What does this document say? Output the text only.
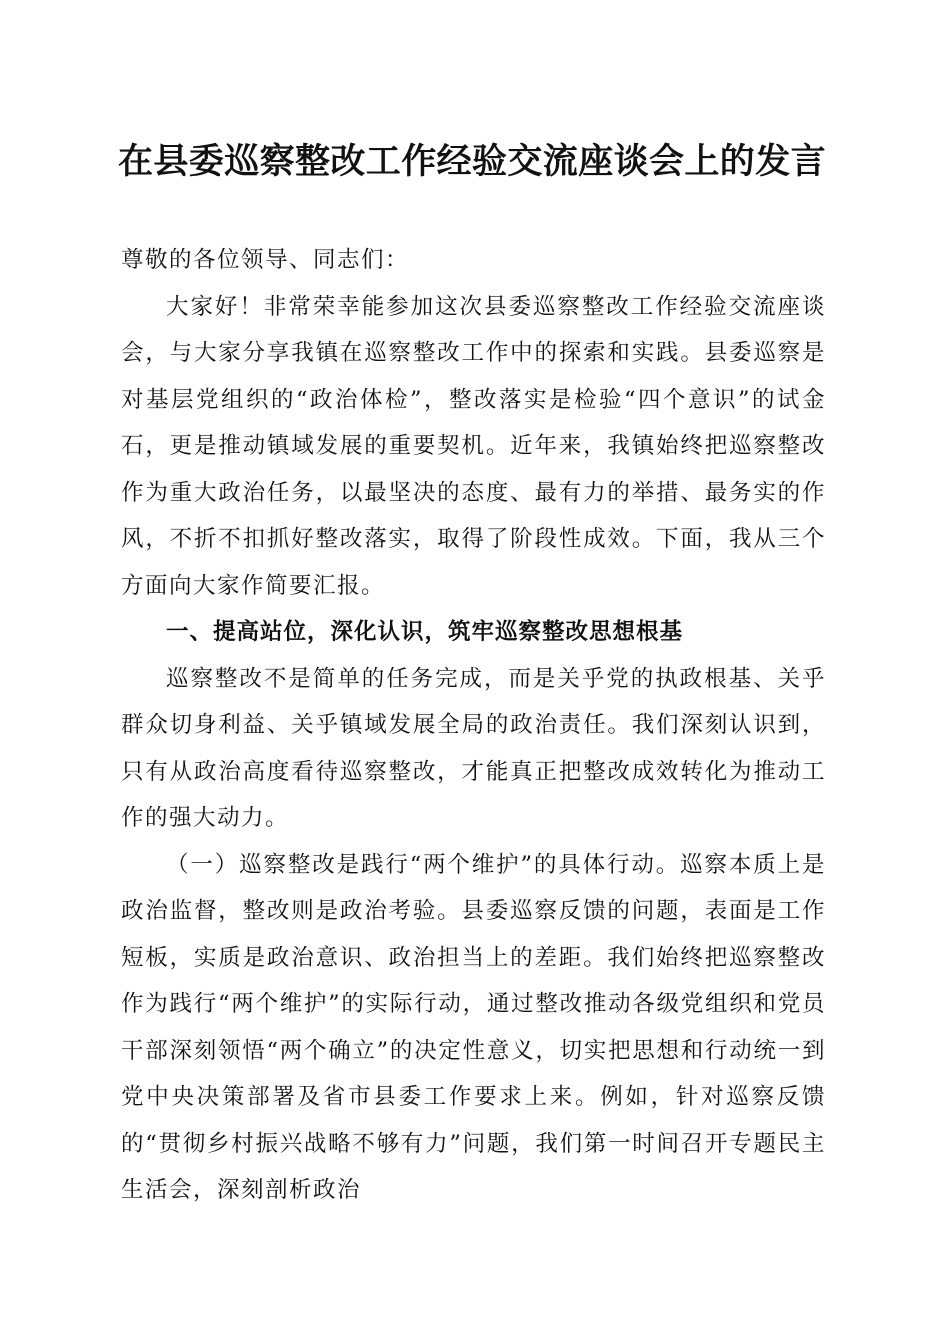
在县委巡察整改工作经验交流座谈会上的发言

尊敬的各位领导、同志们：

大家好！非常荣幸能参加这次县委巡察整改工作经验交流座谈会，与大家分享我镇在巡察整改工作中的探索和实践。县委巡察是对基层党组织的“政治体检”，整改落实是检验“四个意识”的试金石，更是推动镇域发展的重要契机。近年来，我镇始终把巡察整改作为重大政治任务，以最坚决的态度、最有力的举措、最务实的作风，不折不扣抓好整改落实，取得了阶段性成效。下面，我从三个方面向大家作简要汇报。

一、提高站位，深化认识，筑牢巡察整改思想根基

巡察整改不是简单的任务完成，而是关乎党的执政根基、关乎群众切身利益、关乎镇域发展全局的政治责任。我们深刻认识到，只有从政治高度看待巡察整改，才能真正把整改成效转化为推动工作的强大动力。

（一）巡察整改是践行“两个维护”的具体行动。巡察本质上是政治监督，整改则是政治考验。县委巡察反馈的问题，表面是工作短板，实质是政治意识、政治担当上的差距。我们始终把巡察整改作为践行“两个维护”的实际行动，通过整改推动各级党组织和党员干部深刻领悟“两个确立”的决定性意义，切实把思想和行动统一到党中央决策部署及省市县委工作要求上来。例如，针对巡察反馈的“贯彻乡村振兴战略不够有力”问题，我们第一时间召开专题民主生活会，深刻剖析政治
